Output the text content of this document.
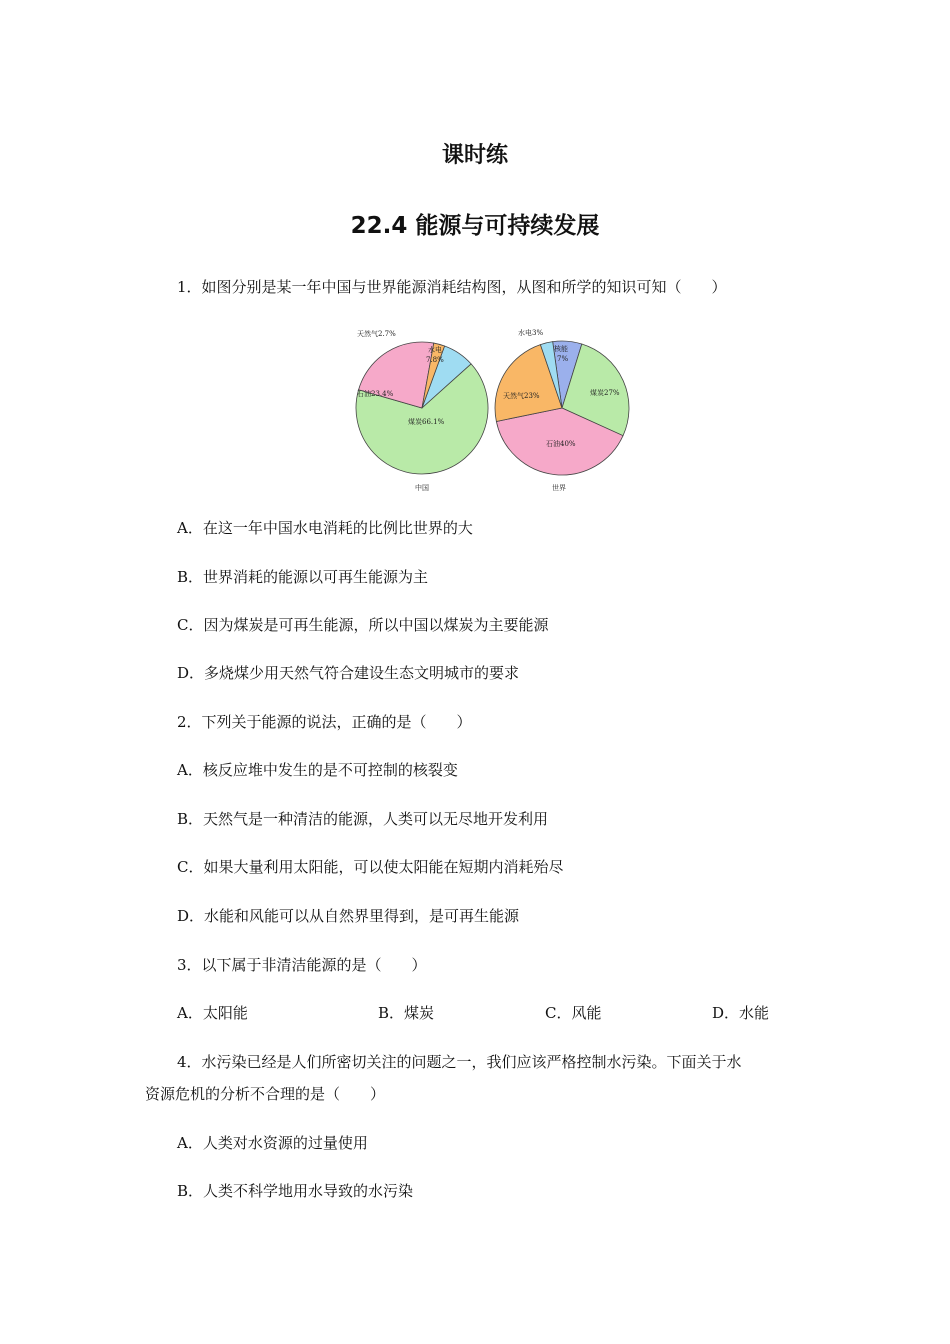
课时练
22.4 能源与可持续发展
1．如图分别是某一年中国与世界能源消耗结构图，从图和所学的知识可知（　　）
天然气2.7%
水电
7.8%
石油23.4%
煤炭66.1%
中国
水电3%
核能
7%
煤炭27%
天然气23%
石油40%
世界
A．在这一年中国水电消耗的比例比世界的大
B．世界消耗的能源以可再生能源为主
C．因为煤炭是可再生能源，所以中国以煤炭为主要能源
D．多烧煤少用天然气符合建设生态文明城市的要求
2．下列关于能源的说法，正确的是（　　）
A．核反应堆中发生的是不可控制的核裂变
B．天然气是一种清洁的能源，人类可以无尽地开发利用
C．如果大量利用太阳能，可以使太阳能在短期内消耗殆尽
D．水能和风能可以从自然界里得到，是可再生能源
3．以下属于非清洁能源的是（　　）
A．太阳能	B．煤炭	C．风能	D．水能
4．水污染已经是人们所密切关注的问题之一，我们应该严格控制水污染。下面关于水
资源危机的分析不合理的是（　　）
A．人类对水资源的过量使用
B．人类不科学地用水导致的水污染
